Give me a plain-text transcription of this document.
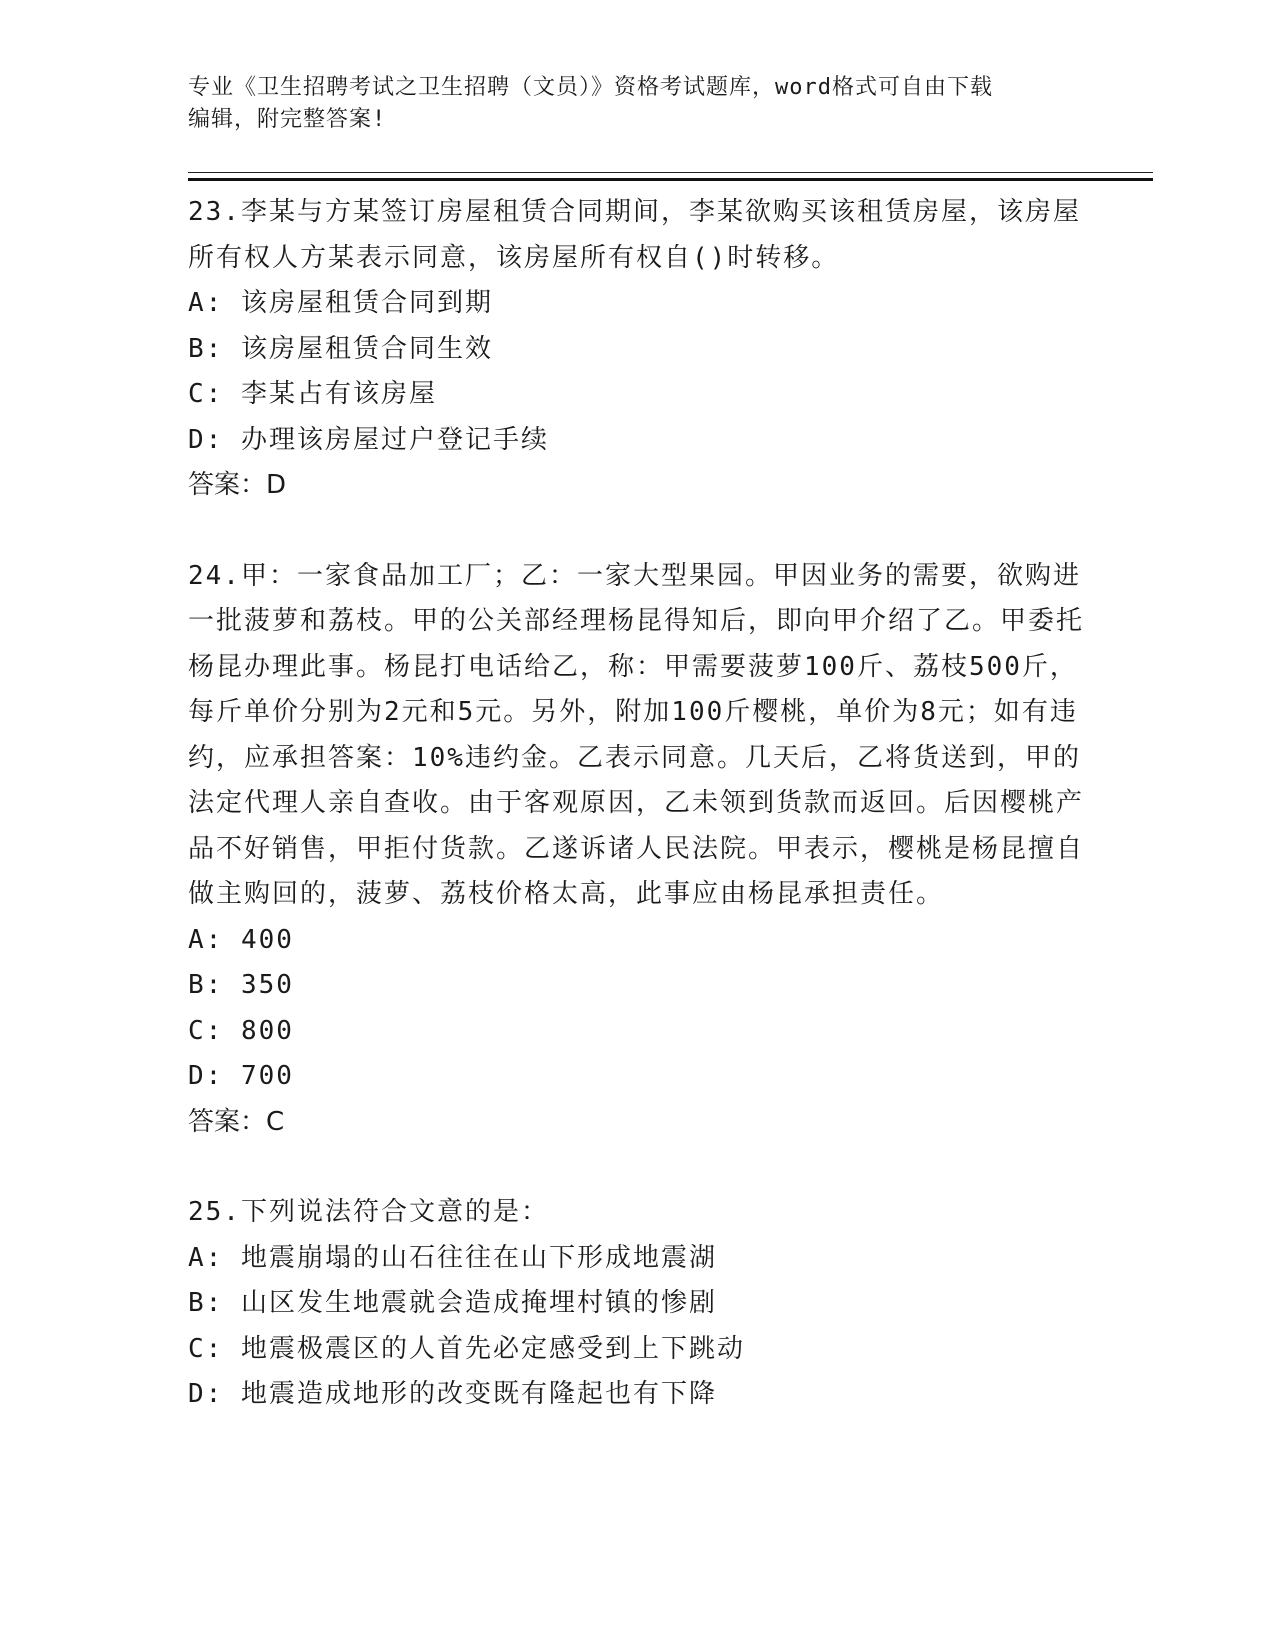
专业《卫生招聘考试之卫生招聘（文员）》资格考试题库，word格式可自由下载
编辑，附完整答案!

23.李某与方某签订房屋租赁合同期间，李某欲购买该租赁房屋，该房屋所有权人方某表示同意，该房屋所有权自()时转移。

A: 该房屋租赁合同到期

B: 该房屋租赁合同生效

C: 李某占有该房屋

D: 办理该房屋过户登记手续

答案：D

24.甲：一家食品加工厂；乙：一家大型果园。甲因业务的需要，欲购进一批菠萝和荔枝。甲的公关部经理杨昆得知后，即向甲介绍了乙。甲委托杨昆办理此事。杨昆打电话给乙，称：甲需要菠萝100斤、荔枝500斤，每斤单价分别为2元和5元。另外，附加100斤樱桃，单价为8元；如有违约，应承担答案：10%违约金。乙表示同意。几天后，乙将货送到，甲的法定代理人亲自查收。由于客观原因，乙未领到货款而返回。后因樱桃产品不好销售，甲拒付货款。乙遂诉诸人民法院。甲表示，樱桃是杨昆擅自做主购回的，菠萝、荔枝价格太高，此事应由杨昆承担责任。

A: 400

B: 350

C: 800

D: 700

答案：C

25.下列说法符合文意的是：

A: 地震崩塌的山石往往在山下形成地震湖

B: 山区发生地震就会造成掩埋村镇的惨剧

C: 地震极震区的人首先必定感受到上下跳动

D: 地震造成地形的改变既有隆起也有下降
